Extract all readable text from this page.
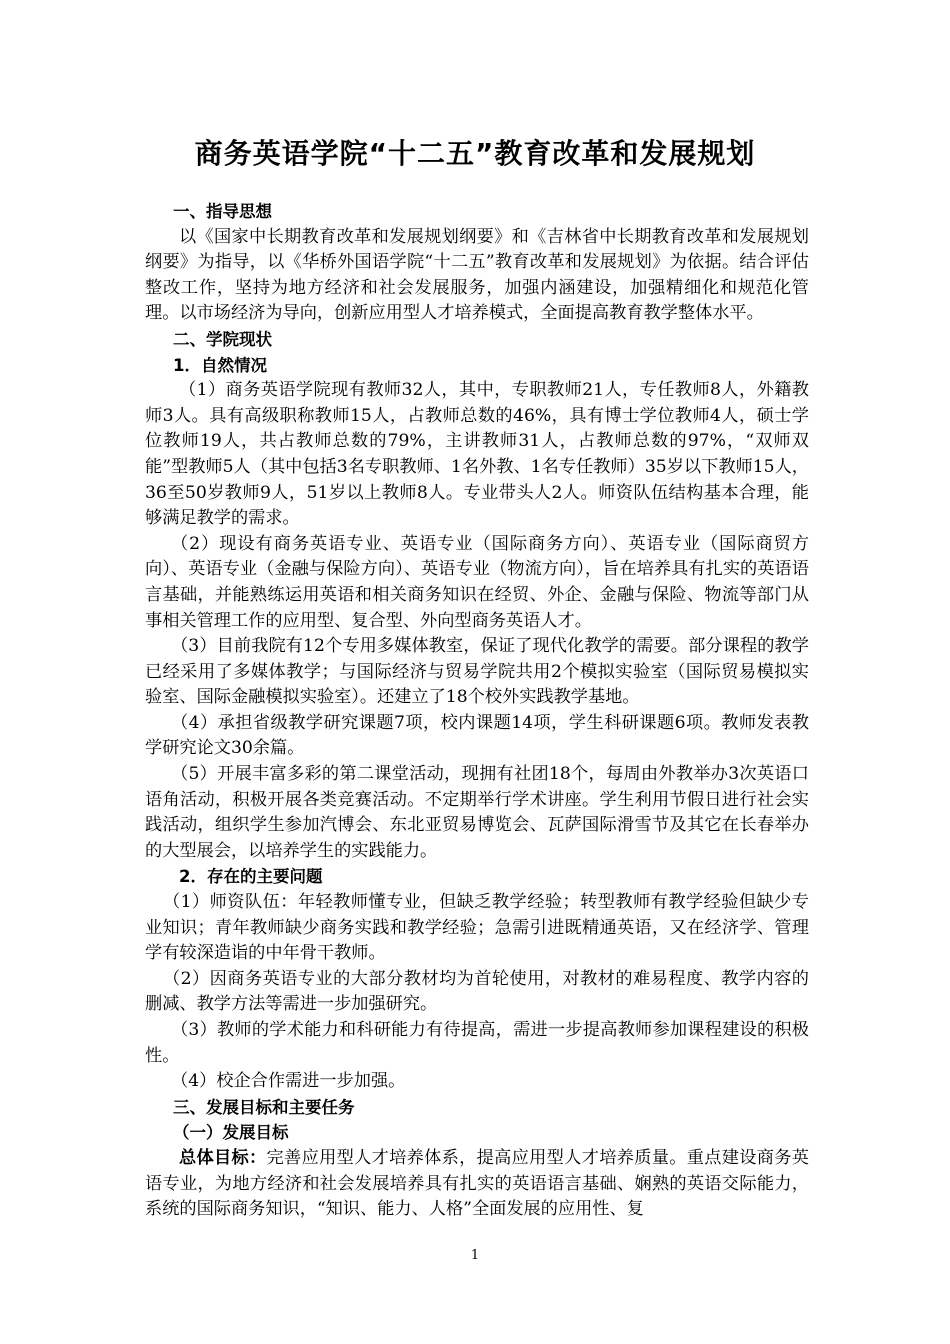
商务英语学院“十二五”教育改革和发展规划

一、指导思想

以《国家中长期教育改革和发展规划纲要》和《吉林省中长期教育改革和发展规划纲要》为指导，以《华桥外国语学院“十二五”教育改革和发展规划》为依据。结合评估整改工作，坚持为地方经济和社会发展服务，加强内涵建设，加强精细化和规范化管理。以市场经济为导向，创新应用型人才培养模式，全面提高教育教学整体水平。

二、学院现状

1．自然情况

（1）商务英语学院现有教师32人，其中，专职教师21人，专任教师8人，外籍教师3人。具有高级职称教师15人，占教师总数的46%，具有博士学位教师4人，硕士学位教师19人，共占教师总数的79%，主讲教师31人，占教师总数的97%，“双师双能”型教师5人（其中包括3名专职教师、1名外教、1名专任教师）35岁以下教师15人，36至50岁教师9人，51岁以上教师8人。专业带头人2人。师资队伍结构基本合理，能够满足教学的需求。

（2）现设有商务英语专业、英语专业（国际商务方向）、英语专业（国际商贸方向）、英语专业（金融与保险方向）、英语专业（物流方向），旨在培养具有扎实的英语语言基础，并能熟练运用英语和相关商务知识在经贸、外企、金融与保险、物流等部门从事相关管理工作的应用型、复合型、外向型商务英语人才。

（3）目前我院有12个专用多媒体教室，保证了现代化教学的需要。部分课程的教学已经采用了多媒体教学；与国际经济与贸易学院共用2个模拟实验室（国际贸易模拟实验室、国际金融模拟实验室）。还建立了18个校外实践教学基地。

（4）承担省级教学研究课题7项，校内课题14项，学生科研课题6项。教师发表教学研究论文30余篇。

（5）开展丰富多彩的第二课堂活动，现拥有社团18个，每周由外教举办3次英语口语角活动，积极开展各类竞赛活动。不定期举行学术讲座。学生利用节假日进行社会实践活动，组织学生参加汽博会、东北亚贸易博览会、瓦萨国际滑雪节及其它在长春举办的大型展会，以培养学生的实践能力。

2．存在的主要问题

（1）师资队伍：年轻教师懂专业，但缺乏教学经验；转型教师有教学经验但缺少专业知识；青年教师缺少商务实践和教学经验；急需引进既精通英语，又在经济学、管理学有较深造诣的中年骨干教师。

（2）因商务英语专业的大部分教材均为首轮使用，对教材的难易程度、教学内容的删减、教学方法等需进一步加强研究。

（3）教师的学术能力和科研能力有待提高，需进一步提高教师参加课程建设的积极性。

（4）校企合作需进一步加强。

三、发展目标和主要任务

（一）发展目标

总体目标：完善应用型人才培养体系，提高应用型人才培养质量。重点建设商务英语专业，为地方经济和社会发展培养具有扎实的英语语言基础、娴熟的英语交际能力，系统的国际商务知识，“知识、能力、人格”全面发展的应用性、复

1
